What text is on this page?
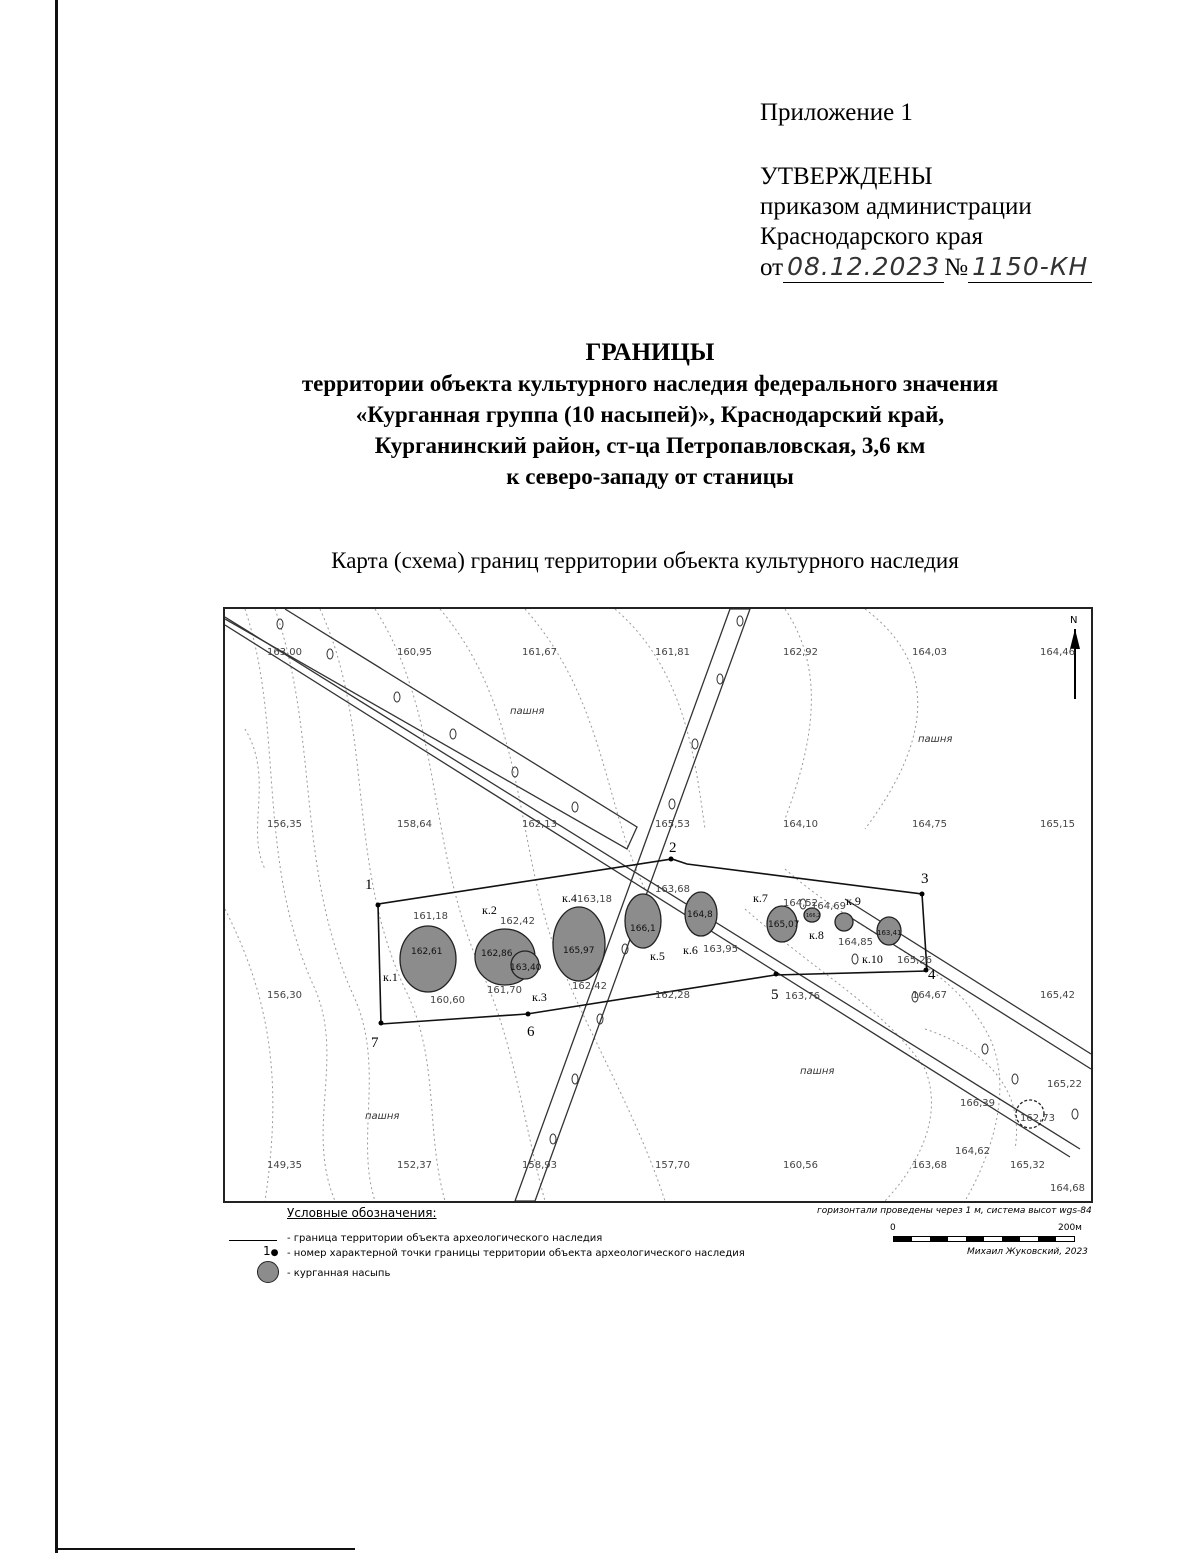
Приложение 1
УТВЕРЖДЕНЫ
приказом администрации
Краснодарского края
от 08.12.2023 № 1150-КН
ГРАНИЦЫ
территории объекта культурного наследия федерального значения
«Курганная группа (10 насыпей)», Краснодарский край,
Курганинский район, ст-ца Петропавловская, 3,6 км
к северо-западу от станицы
Карта (схема) границ территории объекта культурного наследия
N
163,00	160,95	161,67	161,81	162,92	164,03	164,46
156,35	158,64	162,13	165,53	164,10	164,75	165,15
156,30	162,28	164,67	165,42
149,35	152,37	158,93	157,70	160,56	163,68
164,62
165,32
164,68
165,22
166,39
162,73
161,18	162,42
163,18
163,68
164,52
164,69
164,85
165,26
160,60
161,70	162,42
163,95
163,76
пашня
пашня
пашня
пашня
162,61	162,86
163,40
165,97
166,1
164,8
165,07
166,2
163,41
к.1
к.2
к.3
к.4
к.5 к.6
к.7
к.8
к.9
к.10
1
2
3
4
5
6
7
Условные обозначения:
- граница территории объекта археологического наследия
1● - номер характерной точки границы территории объекта археологического наследия
- курганная насыпь
горизонтали проведены через 1 м, система высот wgs-84
0	200м
Михаил Жуковский, 2023
